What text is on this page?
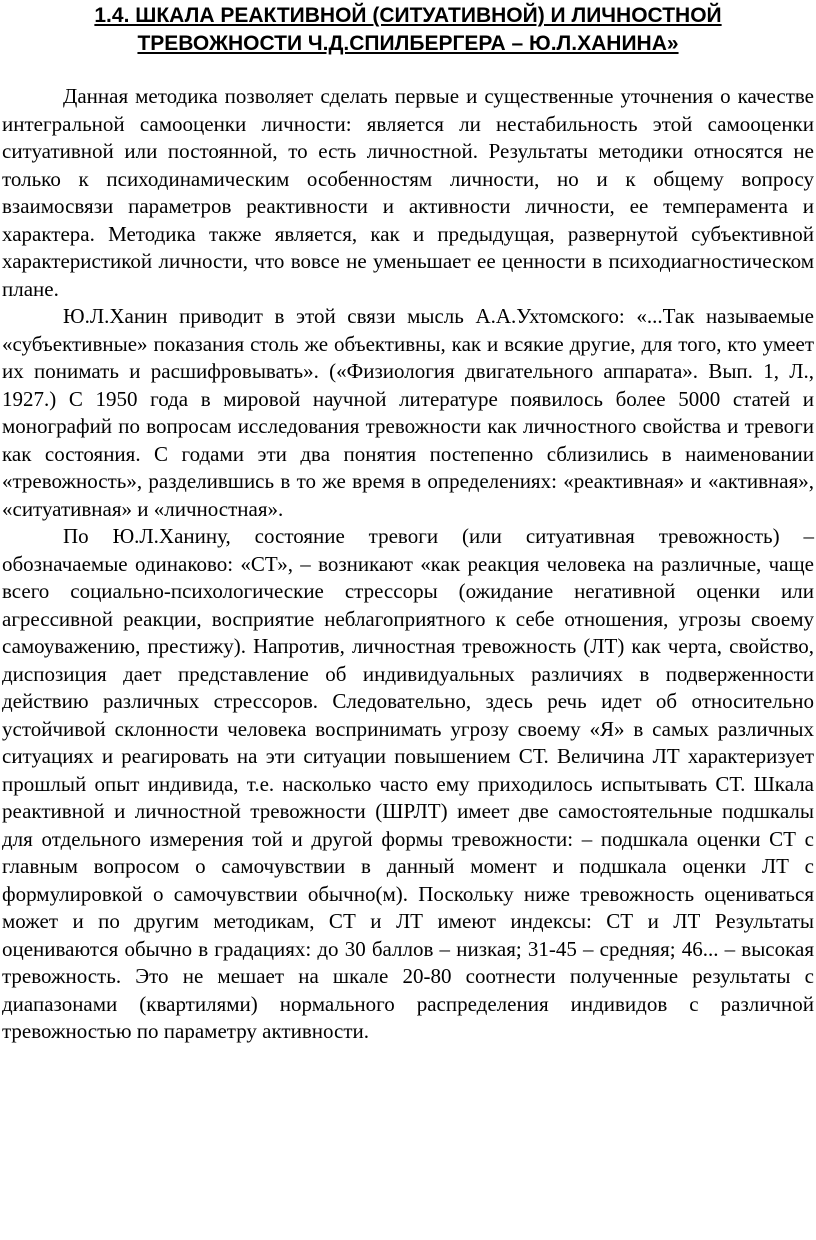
1.4. ШКАЛА РЕАКТИВНОЙ (СИТУАТИВНОЙ) И ЛИЧНОСТНОЙ
ТРЕВОЖНОСТИ Ч.Д.СПИЛБЕРГЕРА – Ю.Л.ХАНИНА»

Данная методика позволяет сделать первые и существенные уточнения о качестве интегральной самооценки личности: является ли нестабильность этой самооценки ситуативной или постоянной, то есть личностной. Результаты методики относятся не только к психодинамическим особенностям личности, но и к общему вопросу взаимосвязи параметров реактивности и активности личности, ее темперамента и характера. Методика также является, как и предыдущая, развернутой субъективной характеристикой личности, что вовсе не уменьшает ее ценности в психодиагностическом плане.

Ю.Л.Ханин приводит в этой связи мысль А.А.Ухтомского: «...Так называемые «субъективные» показания столь же объективны, как и всякие другие, для того, кто умеет их понимать и расшифровывать». («Физиология двигательного аппарата». Вып. 1, Л., 1927.) С 1950 года в мировой научной литературе появилось более 5000 статей и монографий по вопросам исследования тревожности как личностного свойства и тревоги как состояния. С годами эти два понятия постепенно сблизились в наименовании «тревожность», разделившись в то же время в определениях: «реактивная» и «активная», «ситуативная» и «личностная».

По Ю.Л.Ханину, состояние тревоги (или ситуативная тревожность) – обозначаемые одинаково: «СТ», – возникают «как реакция человека на различные, чаще всего социально-психологические стрессоры (ожидание негативной оценки или агрессивной реакции, восприятие неблагоприятного к себе отношения, угрозы своему самоуважению, престижу). Напротив, личностная тревожность (ЛТ) как черта, свойство, диспозиция дает представление об индивидуальных различиях в подверженности действию различных стрессоров. Следовательно, здесь речь идет об относительно устойчивой склонности человека воспринимать угрозу своему «Я» в самых различных ситуациях и реагировать на эти ситуации повышением СТ. Величина ЛТ характеризует прошлый опыт индивида, т.е. насколько часто ему приходилось испытывать СТ. Шкала реактивной и личностной тревожности (ШРЛТ) имеет две самостоятельные подшкалы для отдельного измерения той и другой формы тревожности: – подшкала оценки СТ с главным вопросом о самочувствии в данный момент и подшкала оценки ЛТ с формулировкой о самочувствии обычно(м). Поскольку ниже тревожность оцениваться может и по другим методикам, СТ и ЛТ имеют индексы: СТ и ЛТ Результаты оцениваются обычно в градациях: до 30 баллов – низкая; 31-45 – средняя; 46... – высокая тревожность. Это не мешает на шкале 20-80 соотнести полученные результаты с диапазонами (квартилями) нормального распределения индивидов с различной тревожностью по параметру активности.
